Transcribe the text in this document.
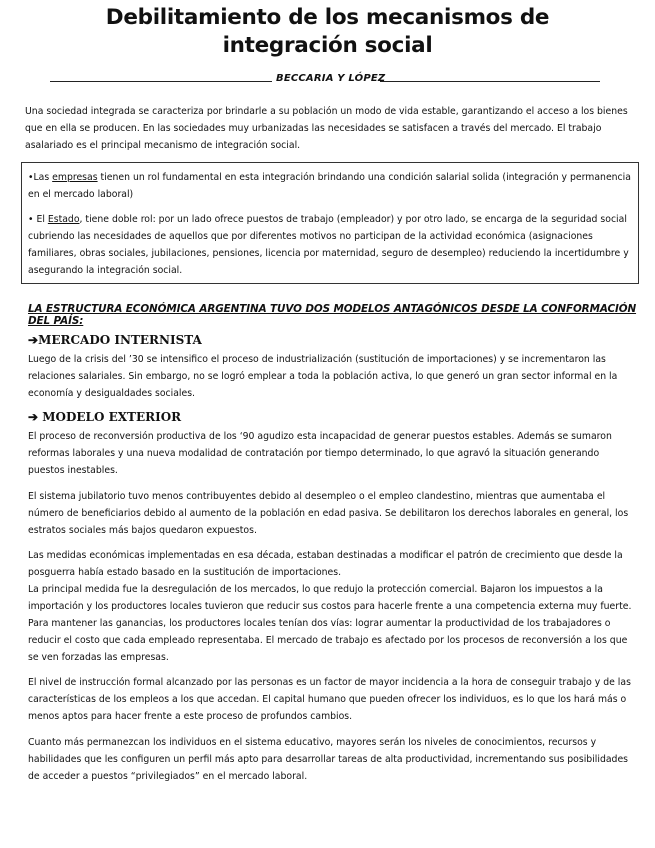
Debilitamiento de los mecanismos de
integración social
BECCARIA Y LÓPEZ

Una sociedad integrada se caracteriza por brindarle a su población un modo de vida estable, garantizando el acceso a los bienes que en ella se producen. En las sociedades muy urbanizadas las necesidades se satisfacen a través del mercado. El trabajo asalariado es el principal mecanismo de integración social.

•Las empresas tienen un rol fundamental en esta integración brindando una condición salarial solida (integración y permanencia en el mercado laboral)

• El Estado, tiene doble rol: por un lado ofrece puestos de trabajo (empleador) y por otro lado, se encarga de la seguridad social cubriendo las necesidades de aquellos que por diferentes motivos no participan de la actividad económica (asignaciones familiares, obras sociales, jubilaciones, pensiones, licencia por maternidad, seguro de desempleo) reduciendo la incertidumbre y asegurando la integración social.

LA ESTRUCTURA ECONÓMICA ARGENTINA TUVO DOS MODELOS ANTAGÓNICOS DESDE LA CONFORMACIÓN DEL PAÍS:
➔MERCADO INTERNISTA

Luego de la crisis del ’30 se intensifico el proceso de industrialización (sustitución de importaciones) y se incrementaron las relaciones salariales. Sin embargo, no se logró emplear a toda la población activa, lo que generó un gran sector informal en la economía y desigualdades sociales.

➔ MODELO EXTERIOR

El proceso de reconversión productiva de los ‘90 agudizo esta incapacidad de generar puestos estables. Además se sumaron reformas laborales y una nueva modalidad de contratación por tiempo determinado, lo que agravó la situación generando puestos inestables.

El sistema jubilatorio tuvo menos contribuyentes debido al desempleo o el empleo clandestino, mientras que aumentaba el número de beneficiarios debido al aumento de la población en edad pasiva. Se debilitaron los derechos laborales en general, los estratos sociales más bajos quedaron expuestos.

Las medidas económicas implementadas en esa década, estaban destinadas a modificar el patrón de crecimiento que desde la posguerra había estado basado en la sustitución de importaciones.
La principal medida fue la desregulación de los mercados, lo que redujo la protección comercial. Bajaron los impuestos a la importación y los productores locales tuvieron que reducir sus costos para hacerle frente a una competencia externa muy fuerte. Para mantener las ganancias, los productores locales tenían dos vías: lograr aumentar la productividad de los trabajadores o reducir el costo que cada empleado representaba. El mercado de trabajo es afectado por los procesos de reconversión a los que se ven forzadas las empresas.

El nivel de instrucción formal alcanzado por las personas es un factor de mayor incidencia a la hora de conseguir trabajo y de las características de los empleos a los que accedan. El capital humano que pueden ofrecer los individuos, es lo que los hará más o menos aptos para hacer frente a este proceso de profundos cambios.

Cuanto más permanezcan los individuos en el sistema educativo, mayores serán los niveles de conocimientos, recursos y habilidades que les configuren un perfil más apto para desarrollar tareas de alta productividad, incrementando sus posibilidades de acceder a puestos “privilegiados” en el mercado laboral.
